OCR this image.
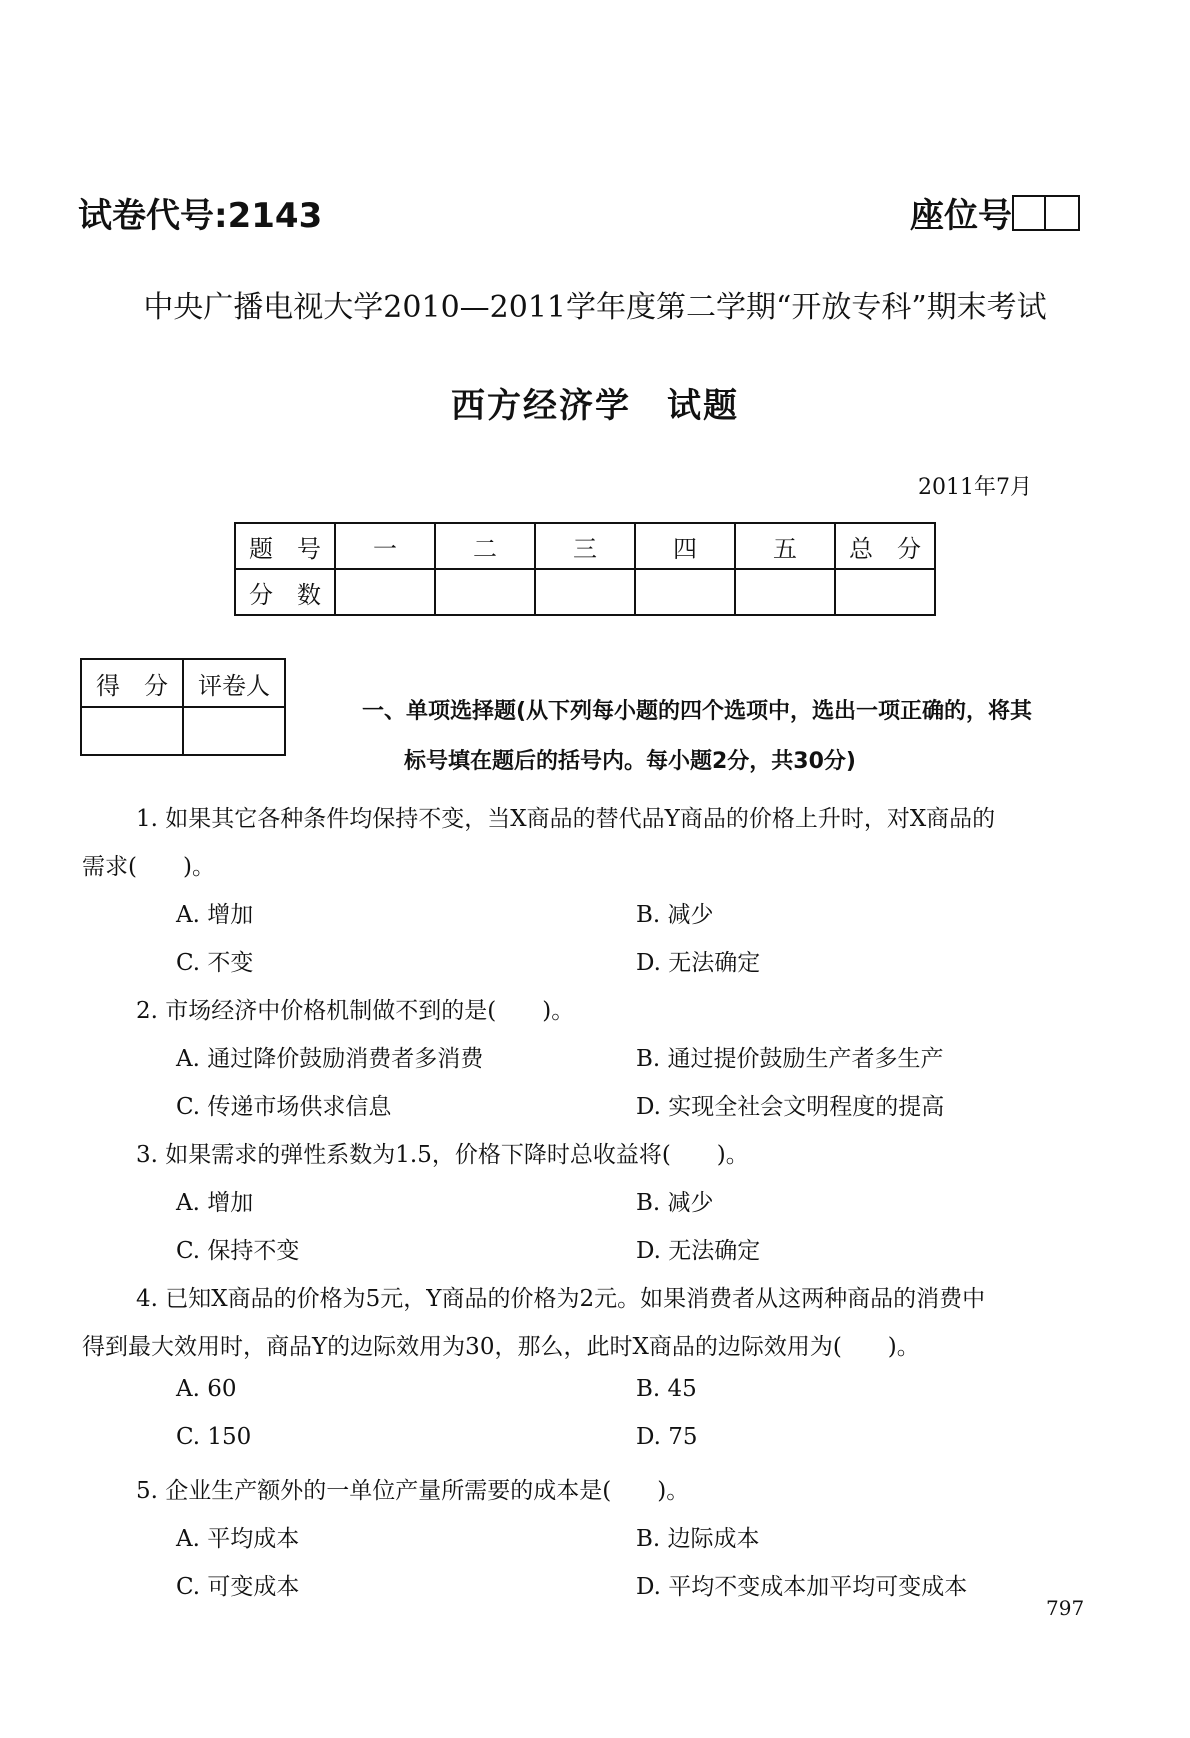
试卷代号:2143	座位号
中央广播电视大学2010—2011学年度第二学期“开放专科”期末考试
西方经济学　试题
2011年7月
题　号	一	二	三	四	五	总　分
分　数						
得　分	评卷人

一、单项选择题(从下列每小题的四个选项中，选出一项正确的，将其
标号填在题后的括号内。每小题2分，共30分)
1. 如果其它各种条件均保持不变，当X商品的替代品Y商品的价格上升时，对X商品的
需求(　　)。
A. 增加	B. 减少
C. 不变	D. 无法确定
2. 市场经济中价格机制做不到的是(　　)。
A. 通过降价鼓励消费者多消费	B. 通过提价鼓励生产者多生产
C. 传递市场供求信息	D. 实现全社会文明程度的提高
3. 如果需求的弹性系数为1.5，价格下降时总收益将(　　)。
A. 增加	B. 减少
C. 保持不变	D. 无法确定
4. 已知X商品的价格为5元，Y商品的价格为2元。如果消费者从这两种商品的消费中
得到最大效用时，商品Y的边际效用为30，那么，此时X商品的边际效用为(　　)。
A. 60	B. 45
C. 150	D. 75
5. 企业生产额外的一单位产量所需要的成本是(　　)。
A. 平均成本	B. 边际成本
C. 可变成本	D. 平均不变成本加平均可变成本
797
